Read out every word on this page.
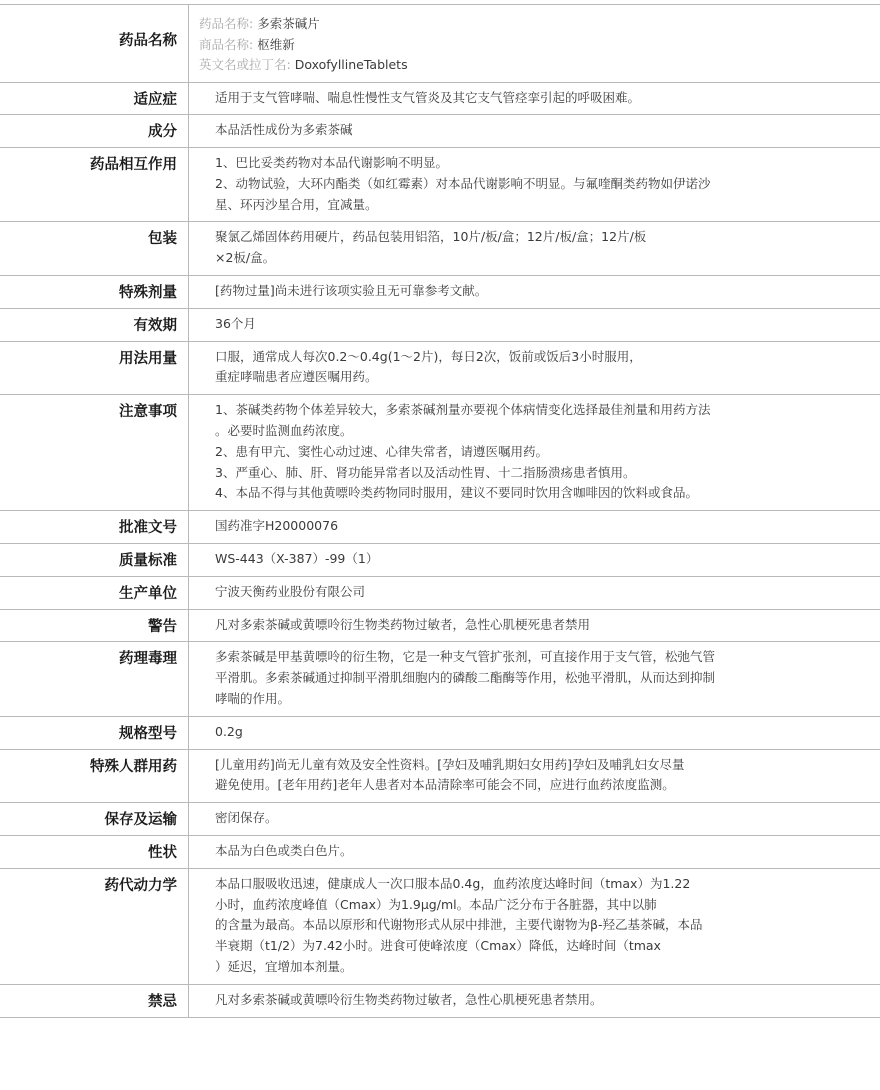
药品名称
药品名称: 多索茶碱片
商品名称: 枢维新
英文名或拉丁名: DoxofyllineTablets
适应症	适用于支气管哮喘、喘息性慢性支气管炎及其它支气管痉挛引起的呼吸困难。
成分	本品活性成份为多索茶碱
药品相互作用	1、巴比妥类药物对本品代谢影响不明显。
2、动物试验，大环内酯类（如红霉素）对本品代谢影响不明显。与氟喹酮类药物如伊诺沙
星、环丙沙星合用，宜减量。
包装	聚氯乙烯固体药用硬片，药品包装用铝箔，10片/板/盒；12片/板/盒；12片/板
×2板/盒。
特殊剂量	[药物过量]尚未进行该项实验且无可靠参考文献。
有效期	36个月
用法用量	口服，通常成人每次0.2～0.4g(1～2片)，每日2次，饭前或饭后3小时服用，
重症哮喘患者应遵医嘱用药。
注意事项	1、茶碱类药物个体差异较大，多索茶碱剂量亦要视个体病情变化选择最佳剂量和用药方法
。必要时监测血药浓度。
2、患有甲亢、窦性心动过速、心律失常者，请遵医嘱用药。
3、严重心、肺、肝、肾功能异常者以及活动性胃、十二指肠溃疡患者慎用。
4、本品不得与其他黄嘌呤类药物同时服用，建议不要同时饮用含咖啡因的饮料或食品。
批准文号	国药准字H20000076
质量标准	WS-443（X-387）-99（1）
生产单位	宁波天衡药业股份有限公司
警告	凡对多索茶碱或黄嘌呤衍生物类药物过敏者，急性心肌梗死患者禁用
药理毒理	多索茶碱是甲基黄嘌呤的衍生物，它是一种支气管扩张剂，可直接作用于支气管，松弛气管
平滑肌。多索茶碱通过抑制平滑肌细胞内的磷酸二酯酶等作用，松弛平滑肌，从而达到抑制
哮喘的作用。
规格型号	0.2g
特殊人群用药	[儿童用药]尚无儿童有效及安全性资料。[孕妇及哺乳期妇女用药]孕妇及哺乳妇女尽量
避免使用。[老年用药]老年人患者对本品清除率可能会不同，应进行血药浓度监测。
保存及运输	密闭保存。
性状	本品为白色或类白色片。
药代动力学	本品口服吸收迅速，健康成人一次口服本品0.4g，血药浓度达峰时间（tmax）为1.22
小时，血药浓度峰值（Cmax）为1.9μg/ml。本品广泛分布于各脏器，其中以肺
的含量为最高。本品以原形和代谢物形式从尿中排泄，主要代谢物为β-羟乙基茶碱，本品
半衰期（t1/2）为7.42小时。进食可使峰浓度（Cmax）降低，达峰时间（tmax
）延迟，宜增加本剂量。
禁忌	凡对多索茶碱或黄嘌呤衍生物类药物过敏者，急性心肌梗死患者禁用。
